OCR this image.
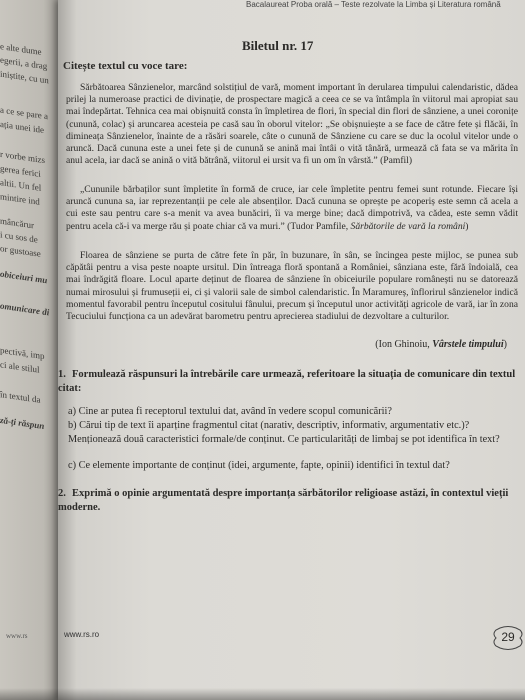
e alte dume
egerii, a drag
iniștite, cu un
a ce se pare a
ația unei ide
r vorbe mizs
gerea ferici
altii. Un fel
mintire ind
mâncărur
i cu sos de
or gustoase
obiceiuri mu
omunicare di
pectivă, imp
ci ale stilul
în textul da
ză-ți răspun
www.rs
Bacalaureat Proba orală – Teste rezolvate la Limba și Literatura română
Biletul nr. 17
Citește textul cu voce tare:
Sărbătoarea Sânzienelor, marcând solstițiul de vară, moment important în derularea timpului calendaristic, dădea prilej la numeroase practici de divinație, de prospectare magică a ceea ce se va întâmpla în viitorul mai apropiat sau mai îndepărtat. Tehnica cea mai obișnuită consta în împletirea de flori, în special din flori de sânziene, a unei coronițe (cunună, colac) și aruncarea acesteia pe casă sau în oborul vitelor: „Se obișnuiește a se face de către fete și flăcăi, în dimineața Sânzienelor, înainte de a răsări soarele, câte o cunună de Sânziene cu care se duc la ocolul vitelor unde o aruncă. Dacă cununa este a unei fete și de cunună se anină mai întâi o vită tânără, urmează că fata se va mărita în anul acela, iar dacă se anină o vită bătrână, viitorul ei ursit va fi un om în vârstă.” (Pamfil)
„Cununile bărbaților sunt împletite în formă de cruce, iar cele împletite pentru femei sunt rotunde. Fiecare își aruncă cununa sa, iar reprezentanții pe cele ale absenților. Dacă cununa se oprește pe acoperiș este semn că acela a cui este sau pentru care s-a menit va avea bunăciri, îi va merge bine; dacă dimpotrivă, va cădea, este semn vădit pentru acela că-i va merge rău și poate chiar că va muri.” (Tudor Pamfile, Sărbătorile de vară la români)
Floarea de sânziene se purta de către fete în păr, în buzunare, în sân, se încingea peste mijloc, se punea sub căpătâi pentru a visa peste noapte ursitul. Din întreaga floră spontană a României, sânziana este, fără îndoială, cea mai îndrăgită floare. Locul aparte deținut de floarea de sânziene în obiceiurile populare românești nu se datorează numai mirosului și frumuseții ei, ci și valorii sale de simbol calendaristic. În Maramureș, înflorirul sânzienelor indică momentul favorabil pentru începutul cositului fânului, precum și începutul unor activități agricole de vară, iar în zona Tecuciului funcționa ca un adevărat barometru pentru aprecierea stadiului de dezvoltare a culturilor.
(Ion Ghinoiu, Vârstele timpului)
1. Formulează răspunsuri la întrebările care urmează, referitoare la situația de comunicare din textul citat:
a) Cine ar putea fi receptorul textului dat, având în vedere scopul comunicării?
b) Cărui tip de text îi aparține fragmentul citat (narativ, descriptiv, informativ, argumentativ etc.)? Menționează două caracteristici formale/de conținut. Ce particularități de limbaj se pot identifica în text?
c) Ce elemente importante de conținut (idei, argumente, fapte, opinii) identifici în textul dat?
2. Exprimă o opinie argumentată despre importanța sărbătorilor religioase astăzi, în contextul vieții moderne.
www.rs.ro	29
